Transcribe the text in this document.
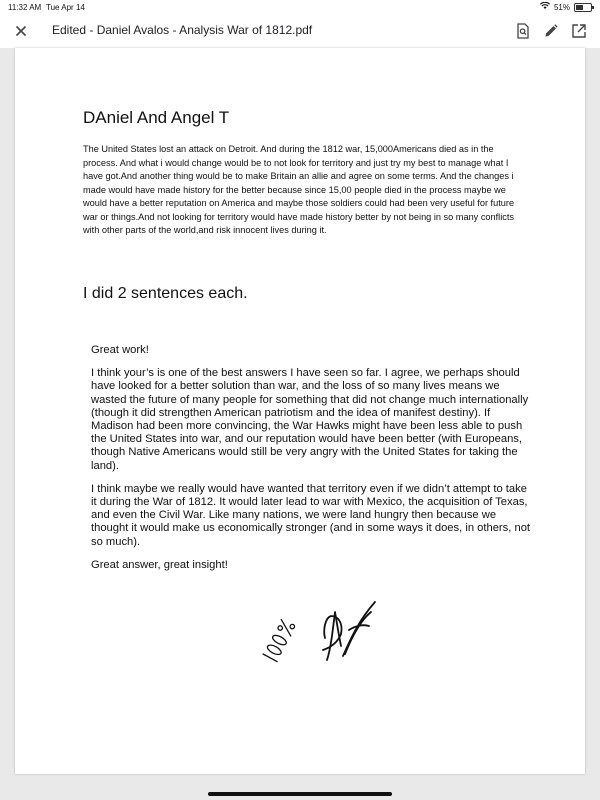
11:32 AM Tue Apr 14	51%
Edited - Daniel Avalos - Analysis War of 1812.pdf
DAniel And Angel T

The United States lost an attack on Detroit. And during the 1812 war, 15,000Americans died as in the process. And what i would change would be to not look for territory and just try my best to manage what I have got.And another thing would be to make Britain an allie and agree on some terms. And the changes i made would have made history for the better because since 15,00 people died in the process maybe we would have a better reputation on America and maybe those soldiers could had been very useful for future war or things.And not looking for territory would have made history better by not being in so many conflicts with other parts of the world,and risk innocent lives during it.

I did 2 sentences each.

Great work!

I think your’s is one of the best answers I have seen so far. I agree, we perhaps should have looked for a better solution than war, and the loss of so many lives means we wasted the future of many people for something that did not change much internationally (though it did strengthen American patriotism and the idea of manifest destiny). If Madison had been more convincing, the War Hawks might have been less able to push the United States into war, and our reputation would have been better (with Europeans, though Native Americans would still be very angry with the United States for taking the land).

I think maybe we really would have wanted that territory even if we didn’t attempt to take it during the War of 1812. It would later lead to war with Mexico, the acquisition of Texas, and even the Civil War. Like many nations, we were land hungry then because we thought it would make us economically stronger (and in some ways it does, in others, not so much).

Great answer, great insight!
